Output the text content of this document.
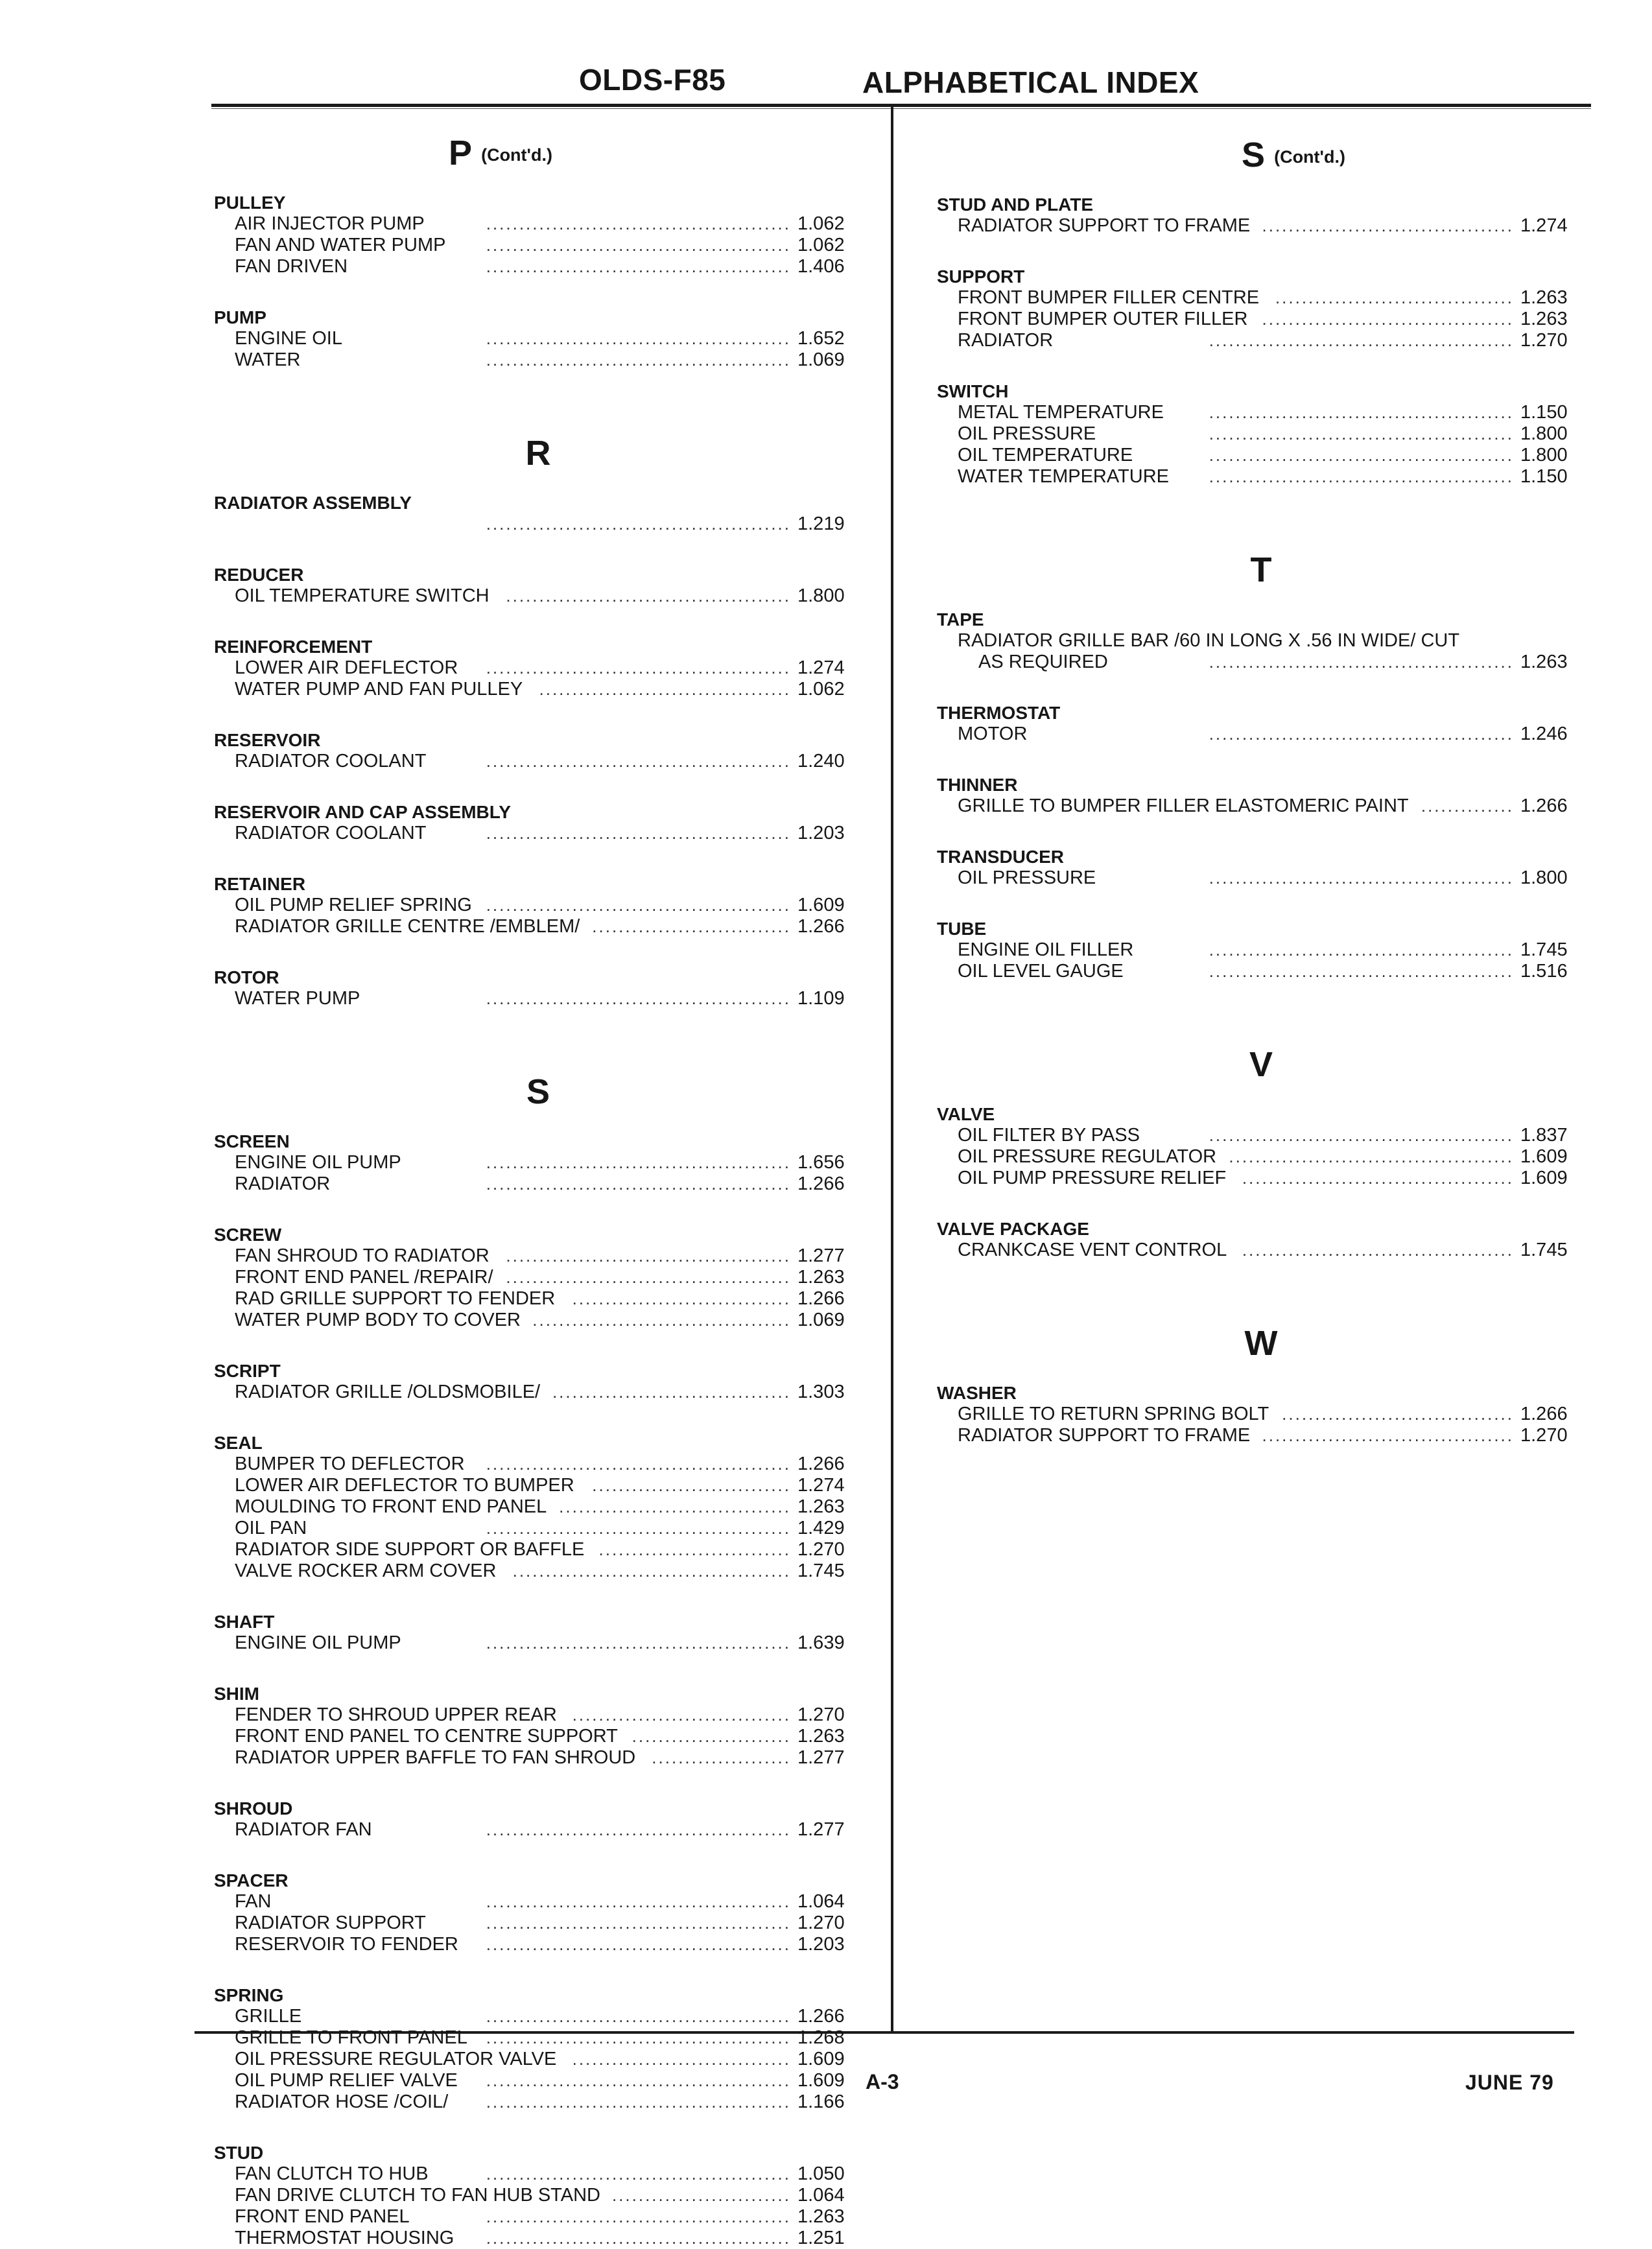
OLDS-F85	ALPHABETICAL INDEX
P (Cont'd.)
PULLEY
AIR INJECTOR PUMP	.............................................. 1.062
FAN AND WATER PUMP .............................................. 1.062
FAN DRIVEN	.............................................. 1.406
PUMP
ENGINE OIL	.............................................. 1.652
WATER	.............................................. 1.069
R
RADIATOR ASSEMBLY
.............................................. 1.219
REDUCER
OIL TEMPERATURE SWITCH ........................................... 1.800
REINFORCEMENT
LOWER AIR DEFLECTOR .............................................. 1.274
WATER PUMP AND FAN PULLEY ...................................... 1.062
RESERVOIR
RADIATOR COOLANT	.............................................. 1.240
RESERVOIR AND CAP ASSEMBLY
RADIATOR COOLANT	.............................................. 1.203
RETAINER
OIL PUMP RELIEF SPRING .............................................. 1.609
RADIATOR GRILLE CENTRE /EMBLEM/ .............................. 1.266
ROTOR
WATER PUMP	.............................................. 1.109
S
SCREEN
ENGINE OIL PUMP	.............................................. 1.656
RADIATOR	.............................................. 1.266
SCREW
FAN SHROUD TO RADIATOR ........................................... 1.277
FRONT END PANEL /REPAIR/ ........................................... 1.263
RAD GRILLE SUPPORT TO FENDER ................................. 1.266
WATER PUMP BODY TO COVER ....................................... 1.069
SCRIPT
RADIATOR GRILLE /OLDSMOBILE/ .................................... 1.303
SEAL
BUMPER TO DEFLECTOR .............................................. 1.266
LOWER AIR DEFLECTOR TO BUMPER .............................. 1.274
MOULDING TO FRONT END PANEL ................................... 1.263
OIL PAN	.............................................. 1.429
RADIATOR SIDE SUPPORT OR BAFFLE ............................. 1.270
VALVE ROCKER ARM COVER .......................................... 1.745
SHAFT
ENGINE OIL PUMP	.............................................. 1.639
SHIM
FENDER TO SHROUD UPPER REAR ................................. 1.270
FRONT END PANEL TO CENTRE SUPPORT ........................ 1.263
RADIATOR UPPER BAFFLE TO FAN SHROUD ..................... 1.277
SHROUD
RADIATOR FAN	.............................................. 1.277
SPACER
FAN	.............................................. 1.064
RADIATOR SUPPORT	.............................................. 1.270
RESERVOIR TO FENDER .............................................. 1.203
SPRING
GRILLE	.............................................. 1.266
GRILLE TO FRONT PANEL .............................................. 1.268
OIL PRESSURE REGULATOR VALVE ................................. 1.609
OIL PUMP RELIEF VALVE .............................................. 1.609
RADIATOR HOSE /COIL/ .............................................. 1.166
STUD
FAN CLUTCH TO HUB	.............................................. 1.050
FAN DRIVE CLUTCH TO FAN HUB STAND ........................... 1.064
FRONT END PANEL	.............................................. 1.263
THERMOSTAT HOUSING .............................................. 1.251
S (Cont'd.)
STUD AND PLATE
RADIATOR SUPPORT TO FRAME ...................................... 1.274
SUPPORT
FRONT BUMPER FILLER CENTRE .................................... 1.263
FRONT BUMPER OUTER FILLER ...................................... 1.263
RADIATOR	.............................................. 1.270
SWITCH
METAL TEMPERATURE	.............................................. 1.150
OIL PRESSURE	.............................................. 1.800
OIL TEMPERATURE	.............................................. 1.800
WATER TEMPERATURE .............................................. 1.150
T
TAPE
RADIATOR GRILLE BAR /60 IN LONG X .56 IN WIDE/ CUT
AS REQUIRED	.............................................. 1.263
THERMOSTAT
MOTOR	.............................................. 1.246
THINNER
GRILLE TO BUMPER FILLER ELASTOMERIC PAINT .............. 1.266
TRANSDUCER
OIL PRESSURE	.............................................. 1.800
TUBE
ENGINE OIL FILLER	.............................................. 1.745
OIL LEVEL GAUGE	.............................................. 1.516
V
VALVE
OIL FILTER BY PASS	.............................................. 1.837
OIL PRESSURE REGULATOR ........................................... 1.609
OIL PUMP PRESSURE RELIEF ......................................... 1.609
VALVE PACKAGE
CRANKCASE VENT CONTROL ......................................... 1.745
W
WASHER
GRILLE TO RETURN SPRING BOLT ................................... 1.266
RADIATOR SUPPORT TO FRAME ...................................... 1.270
A-3	JUNE 79
